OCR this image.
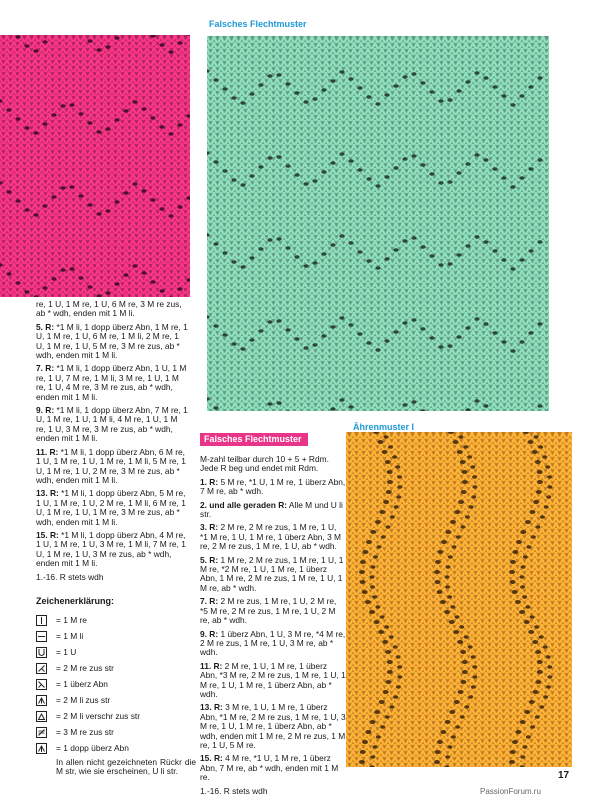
Falsches Flechtmuster
Ährenmuster I
Falsches Flechtmuster

re, 1 U, 1 M re, 1 U, 6 M re, 3 M re zus, ab * wdh, enden mit 1 M li.

5. R: *1 M li, 1 dopp überz Abn, 1 M re, 1 U, 1 M re, 1 U, 6 M re, 1 M li, 2 M re, 1 U, 1 M re, 1 U, 5 M re, 3 M re zus, ab * wdh, enden mit 1 M li.

7. R: *1 M li, 1 dopp überz Abn, 1 U, 1 M re, 1 U, 7 M re, 1 M li, 3 M re, 1 U, 1 M re, 1 U, 4 M re, 3 M re zus, ab * wdh, enden mit 1 M li.

9. R: *1 M li, 1 dopp überz Abn, 7 M re, 1 U, 1 M re, 1 U, 1 M li, 4 M re, 1 U, 1 M re, 1 U, 3 M re, 3 M re zus, ab * wdh, enden mit 1 M li.

11. R: *1 M li, 1 dopp überz Abn, 6 M re, 1 U, 1 M re, 1 U, 1 M re, 1 M li, 5 M re, 1 U, 1 M re, 1 U, 2 M re, 3 M re zus, ab * wdh, enden mit 1 M li.

13. R: *1 M li, 1 dopp überz Abn, 5 M re, 1 U, 1 M re, 1 U, 2 M re, 1 M li, 6 M re, 1 U, 1 M re, 1 U, 1 M re, 3 M re zus, ab * wdh, enden mit 1 M li.

15. R: *1 M li, 1 dopp überz Abn, 4 M re, 1 U, 1 M re, 1 U, 3 M re, 1 M li, 7 M re, 1 U, 1 M re, 1 U, 3 M re zus, ab * wdh, enden mit 1 M li.

1.-16. R stets wdh

M-zahl teilbar durch 10 + 5 + Rdm. Jede R beg und endet mit Rdm.

1. R: 5 M re, *1 U, 1 M re, 1 überz Abn, 7 M re, ab * wdh.

2. und alle geraden R: Alle M und U li str.

3. R: 2 M re, 2 M re zus, 1 M re, 1 U, *1 M re, 1 U, 1 M re, 1 überz Abn, 3 M re, 2 M re zus, 1 M re, 1 U, ab * wdh.

5. R: 1 M re, 2 M re zus, 1 M re, 1 U, 1 M re, *2 M re, 1 U, 1 M re, 1 überz Abn, 1 M re, 2 M re zus, 1 M re, 1 U, 1 M re, ab * wdh.

7. R: 2 M re zus, 1 M re, 1 U, 2 M re, *5 M re, 2 M re zus, 1 M re, 1 U, 2 M re, ab * wdh.

9. R: 1 überz Abn, 1 U, 3 M re, *4 M re, 2 M re zus, 1 M re, 1 U, 3 M re, ab * wdh.

11. R: 2 M re, 1 U, 1 M re, 1 überz Abn, *3 M re, 2 M re zus, 1 M re, 1 U, 1 M re, 1 U, 1 M re, 1 überz Abn, ab * wdh.

13. R: 3 M re, 1 U, 1 M re, 1 überz Abn, *1 M re, 2 M re zus, 1 M re, 1 U, 3 M re, 1 U, 1 M re, 1 überz Abn, ab * wdh, enden mit 1 M re, 2 M re zus, 1 M re, 1 U, 5 M re.

15. R: 4 M re, *1 U, 1 M re, 1 überz Abn, 7 M re, ab * wdh, enden mit 1 M re.

1.-16. R stets wdh

Zeichenerklärung:
= 1 M re
= 1 M li
= 1 U
= 2 M re zus str
= 1 überz Abn
= 2 M li zus str
= 2 M li verschr zus str
= 3 M re zus str
= 1 dopp überz Abn
In allen nicht gezeichneten Rückr die M str, wie sie erscheinen, U li str.	17
PassionForum.ru
